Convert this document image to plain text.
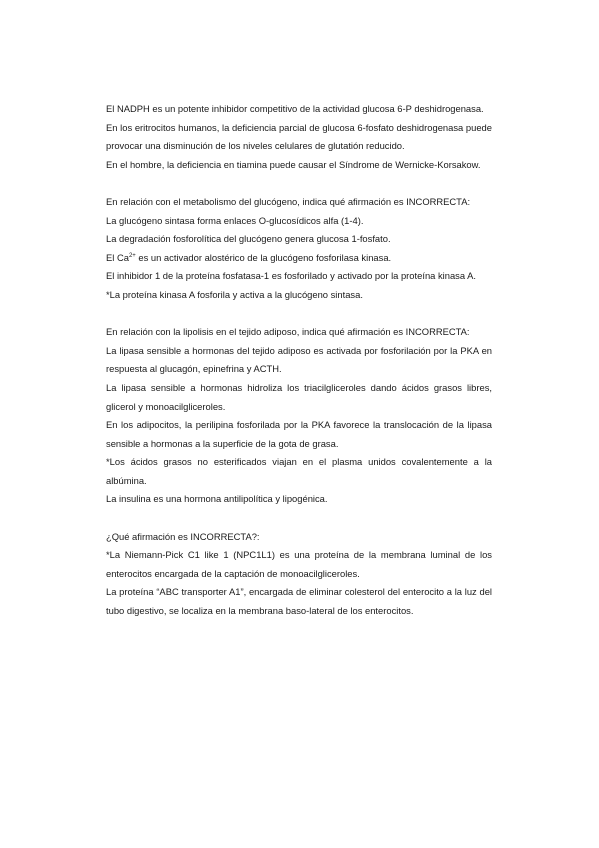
El NADPH es un potente inhibidor competitivo de la actividad glucosa 6-P deshidrogenasa.

En los eritrocitos humanos, la deficiencia parcial de glucosa 6-fosfato deshidrogenasa puede provocar una disminución de los niveles celulares de glutatión reducido.

En el hombre, la deficiencia en tiamina puede causar el Síndrome de Wernicke-Korsakow.

En relación con el metabolismo del glucógeno, indica qué afirmación es INCORRECTA:

La glucógeno sintasa forma enlaces O-glucosídicos alfa (1-4).

La degradación fosforolítica del glucógeno genera glucosa 1-fosfato.

El $Ca^{2+}$ es un activador alostérico de la glucógeno fosforilasa kinasa.

El inhibidor 1 de la proteína fosfatasa-1 es fosforilado y activado por la proteína kinasa A.

*La proteína kinasa A fosforila y activa a la glucógeno sintasa.

En relación con la lipolisis en el tejido adiposo, indica qué afirmación es INCORRECTA:

La lipasa sensible a hormonas del tejido adiposo es activada por fosforilación por la PKA en respuesta al glucagón, epinefrina y ACTH.

La lipasa sensible a hormonas hidroliza los triacilgliceroles dando ácidos grasos libres, glicerol y monoacilgliceroles.

En los adipocitos, la perilipina fosforilada por la PKA favorece la translocación de la lipasa sensible a hormonas a la superficie de la gota de grasa.

*Los ácidos grasos no esterificados viajan en el plasma unidos covalentemente a la albúmina.

La insulina es una hormona antilipolítica y lipogénica.

¿Qué afirmación es INCORRECTA?:

*La Niemann-Pick C1 like 1 (NPC1L1) es una proteína de la membrana luminal de los enterocitos encargada de la captación de monoacilgliceroles.

La proteína “ABC transporter A1”, encargada de eliminar colesterol del enterocito a la luz del tubo digestivo, se localiza en la membrana baso-lateral de los enterocitos.
